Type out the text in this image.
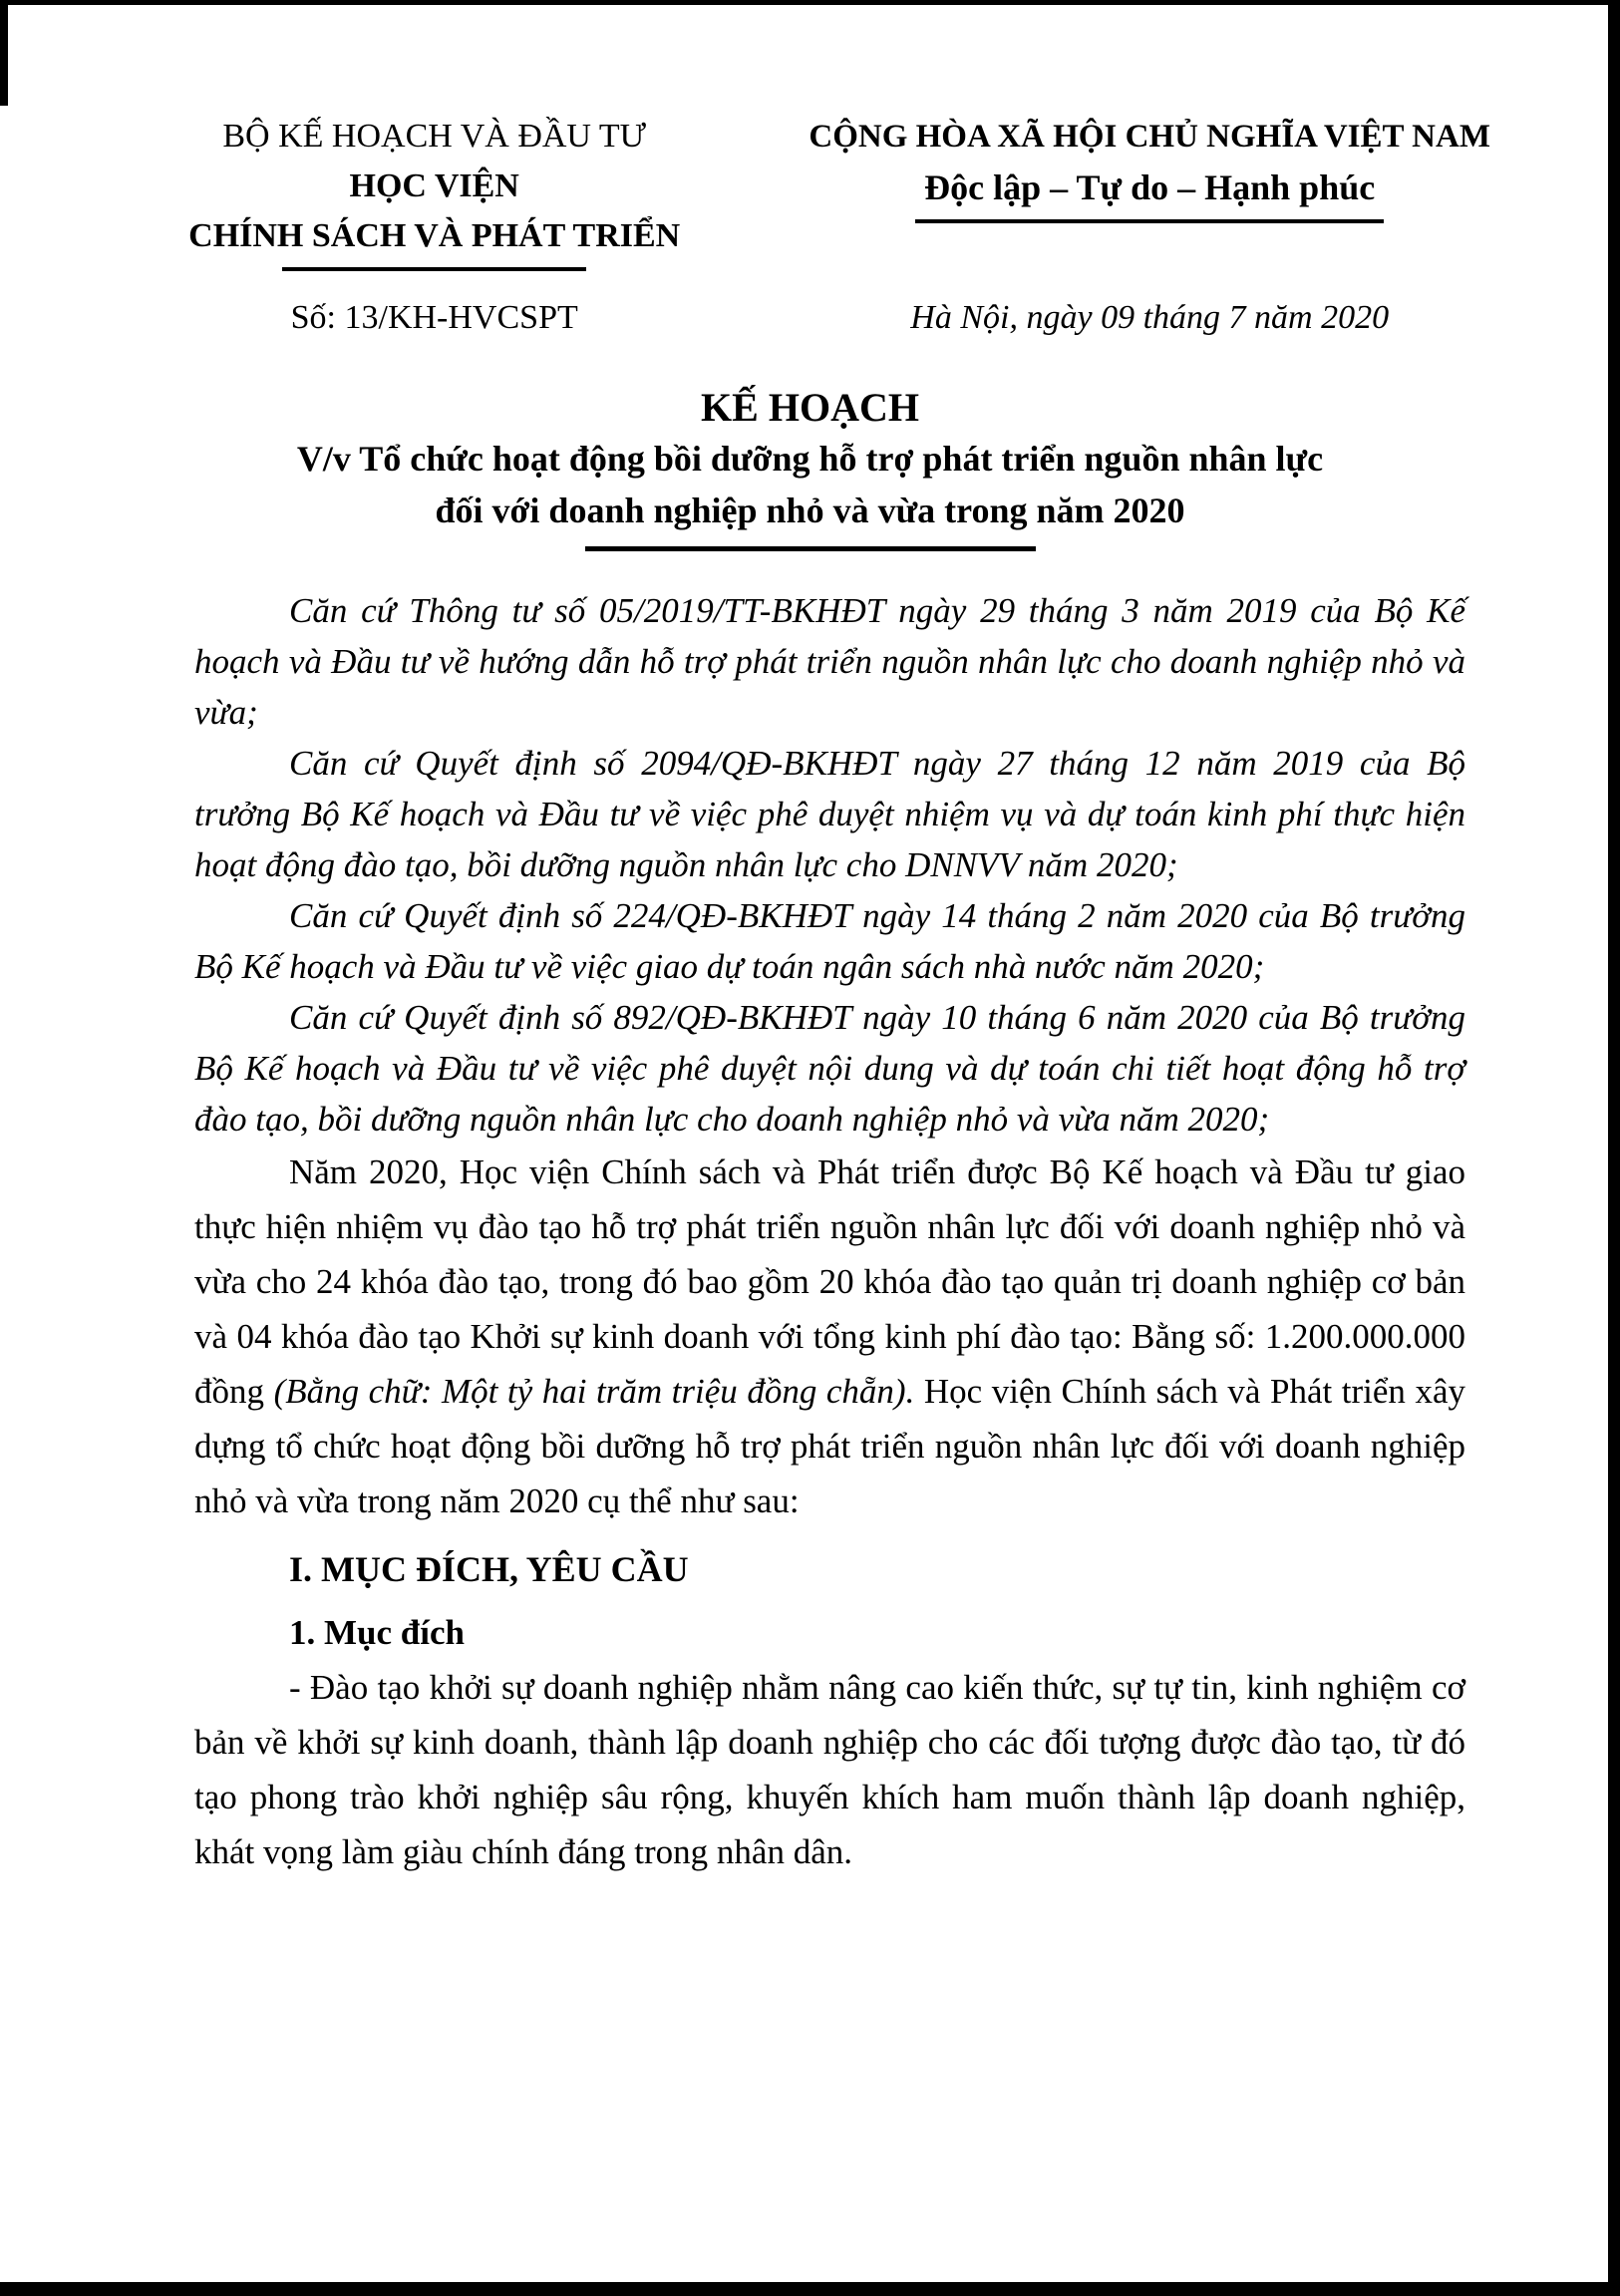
BỘ KẾ HOẠCH VÀ ĐẦU TƯ
HỌC VIỆN
CHÍNH SÁCH VÀ PHÁT TRIỂN
CỘNG HÒA XÃ HỘI CHỦ NGHĨA VIỆT NAM
Độc lập – Tự do – Hạnh phúc
Số: 13/KH-HVCSPT	Hà Nội, ngày 09 tháng 7 năm 2020
KẾ HOẠCH
V/v Tổ chức hoạt động bồi dưỡng hỗ trợ phát triển nguồn nhân lực
đối với doanh nghiệp nhỏ và vừa trong năm 2020

Căn cứ Thông tư số 05/2019/TT-BKHĐT ngày 29 tháng 3 năm 2019 của Bộ Kế hoạch và Đầu tư về hướng dẫn hỗ trợ phát triển nguồn nhân lực cho doanh nghiệp nhỏ và vừa;

Căn cứ Quyết định số 2094/QĐ-BKHĐT ngày 27 tháng 12 năm 2019 của Bộ trưởng Bộ Kế hoạch và Đầu tư về việc phê duyệt nhiệm vụ và dự toán kinh phí thực hiện hoạt động đào tạo, bồi dưỡng nguồn nhân lực cho DNNVV năm 2020;

Căn cứ Quyết định số 224/QĐ-BKHĐT ngày 14 tháng 2 năm 2020 của Bộ trưởng Bộ Kế hoạch và Đầu tư về việc giao dự toán ngân sách nhà nước năm 2020;

Căn cứ Quyết định số 892/QĐ-BKHĐT ngày 10 tháng 6 năm 2020 của Bộ trưởng Bộ Kế hoạch và Đầu tư về việc phê duyệt nội dung và dự toán chi tiết hoạt động hỗ trợ đào tạo, bồi dưỡng nguồn nhân lực cho doanh nghiệp nhỏ và vừa năm 2020;

Năm 2020, Học viện Chính sách và Phát triển được Bộ Kế hoạch và Đầu tư giao thực hiện nhiệm vụ đào tạo hỗ trợ phát triển nguồn nhân lực đối với doanh nghiệp nhỏ và vừa cho 24 khóa đào tạo, trong đó bao gồm 20 khóa đào tạo quản trị doanh nghiệp cơ bản và 04 khóa đào tạo Khởi sự kinh doanh với tổng kinh phí đào tạo: Bằng số: 1.200.000.000 đồng (Bằng chữ: Một tỷ hai trăm triệu đồng chẵn). Học viện Chính sách và Phát triển xây dựng tổ chức hoạt động bồi dưỡng hỗ trợ phát triển nguồn nhân lực đối với doanh nghiệp nhỏ và vừa trong năm 2020 cụ thể như sau:

I. MỤC ĐÍCH, YÊU CẦU
1. Mục đích

- Đào tạo khởi sự doanh nghiệp nhằm nâng cao kiến thức, sự tự tin, kinh nghiệm cơ bản về khởi sự kinh doanh, thành lập doanh nghiệp cho các đối tượng được đào tạo, từ đó tạo phong trào khởi nghiệp sâu rộng, khuyến khích ham muốn thành lập doanh nghiệp, khát vọng làm giàu chính đáng trong nhân dân.
